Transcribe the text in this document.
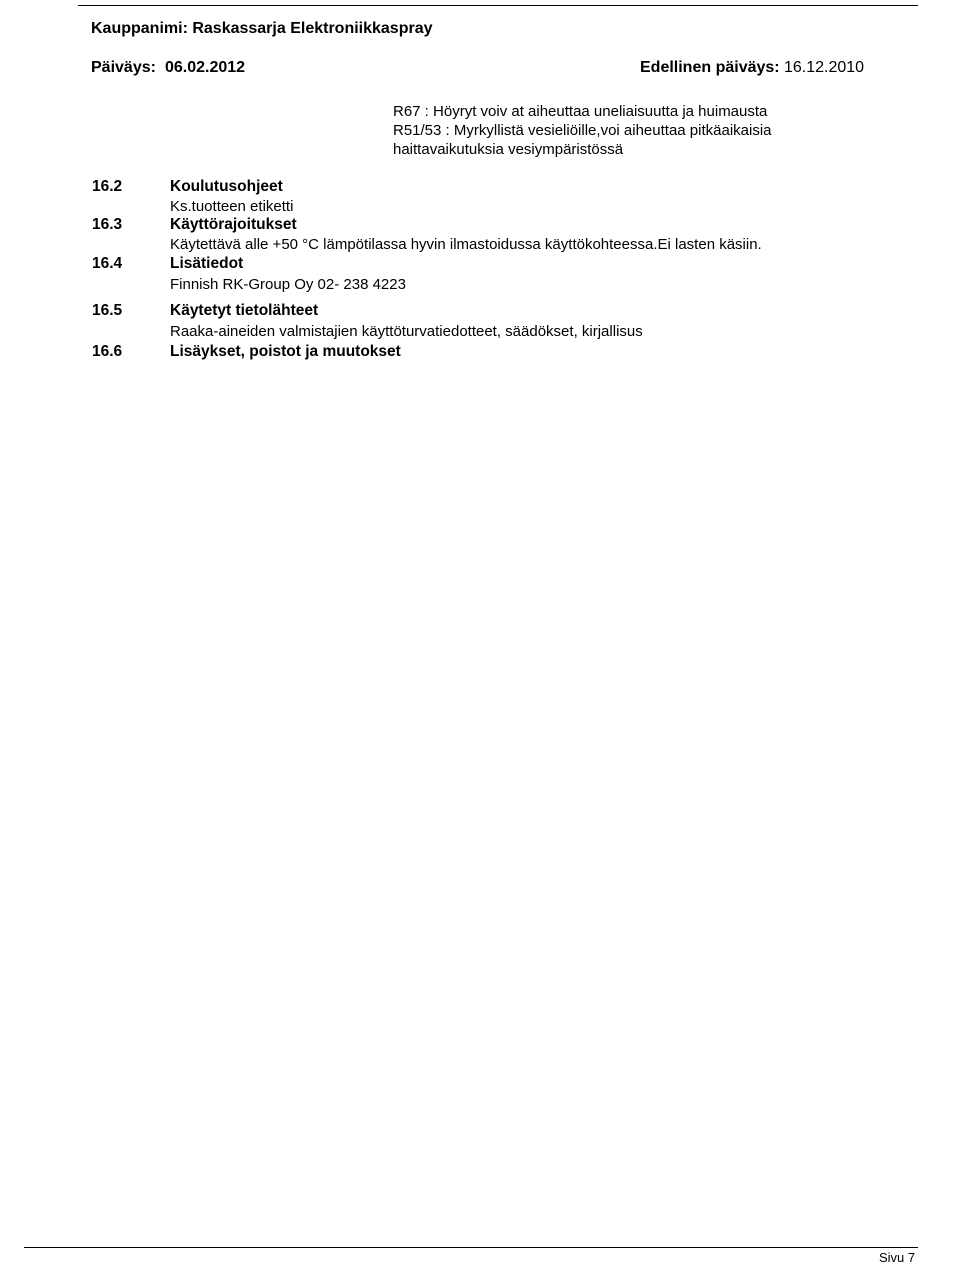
Kauppanimi: Raskassarja Elektroniikkaspray
Päiväys: 06.02.2012	Edellinen päiväys: 16.12.2010
R67 : Höyryt voiv at aiheuttaa uneliaisuutta ja huimausta
R51/53 : Myrkyllistä vesieliöille,voi aiheuttaa pitkäaikaisia
haittavaikutuksia vesiympäristössä
16.2	Koulutusohjeet
Ks.tuotteen etiketti
16.3	Käyttörajoitukset
Käytettävä alle +50 °C lämpötilassa hyvin ilmastoidussa käyttökohteessa.Ei lasten käsiin.
16.4	Lisätiedot
Finnish RK-Group Oy 02- 238 4223
16.5	Käytetyt tietolähteet
Raaka-aineiden valmistajien käyttöturvatiedotteet, säädökset, kirjallisus
16.6	Lisäykset, poistot ja muutokset
Sivu 7
